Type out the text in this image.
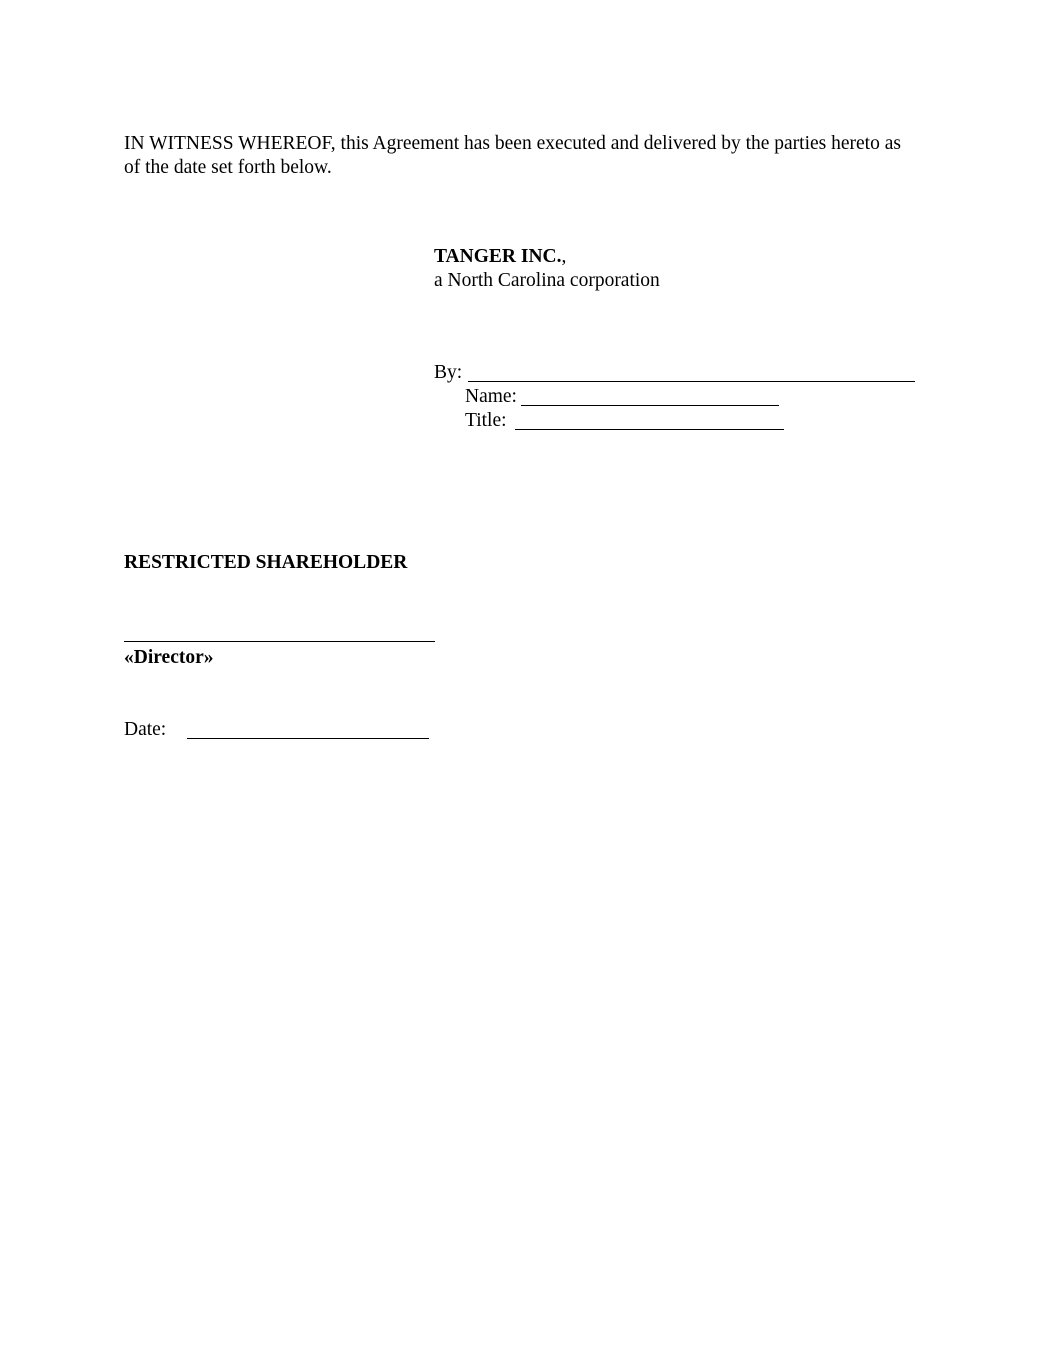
IN WITNESS WHEREOF, this Agreement has been executed and delivered by the parties hereto as
of the date set forth below.
TANGER INC.,
a North Carolina corporation
By:
Name:
Title:
RESTRICTED SHAREHOLDER
«Director»
Date:
